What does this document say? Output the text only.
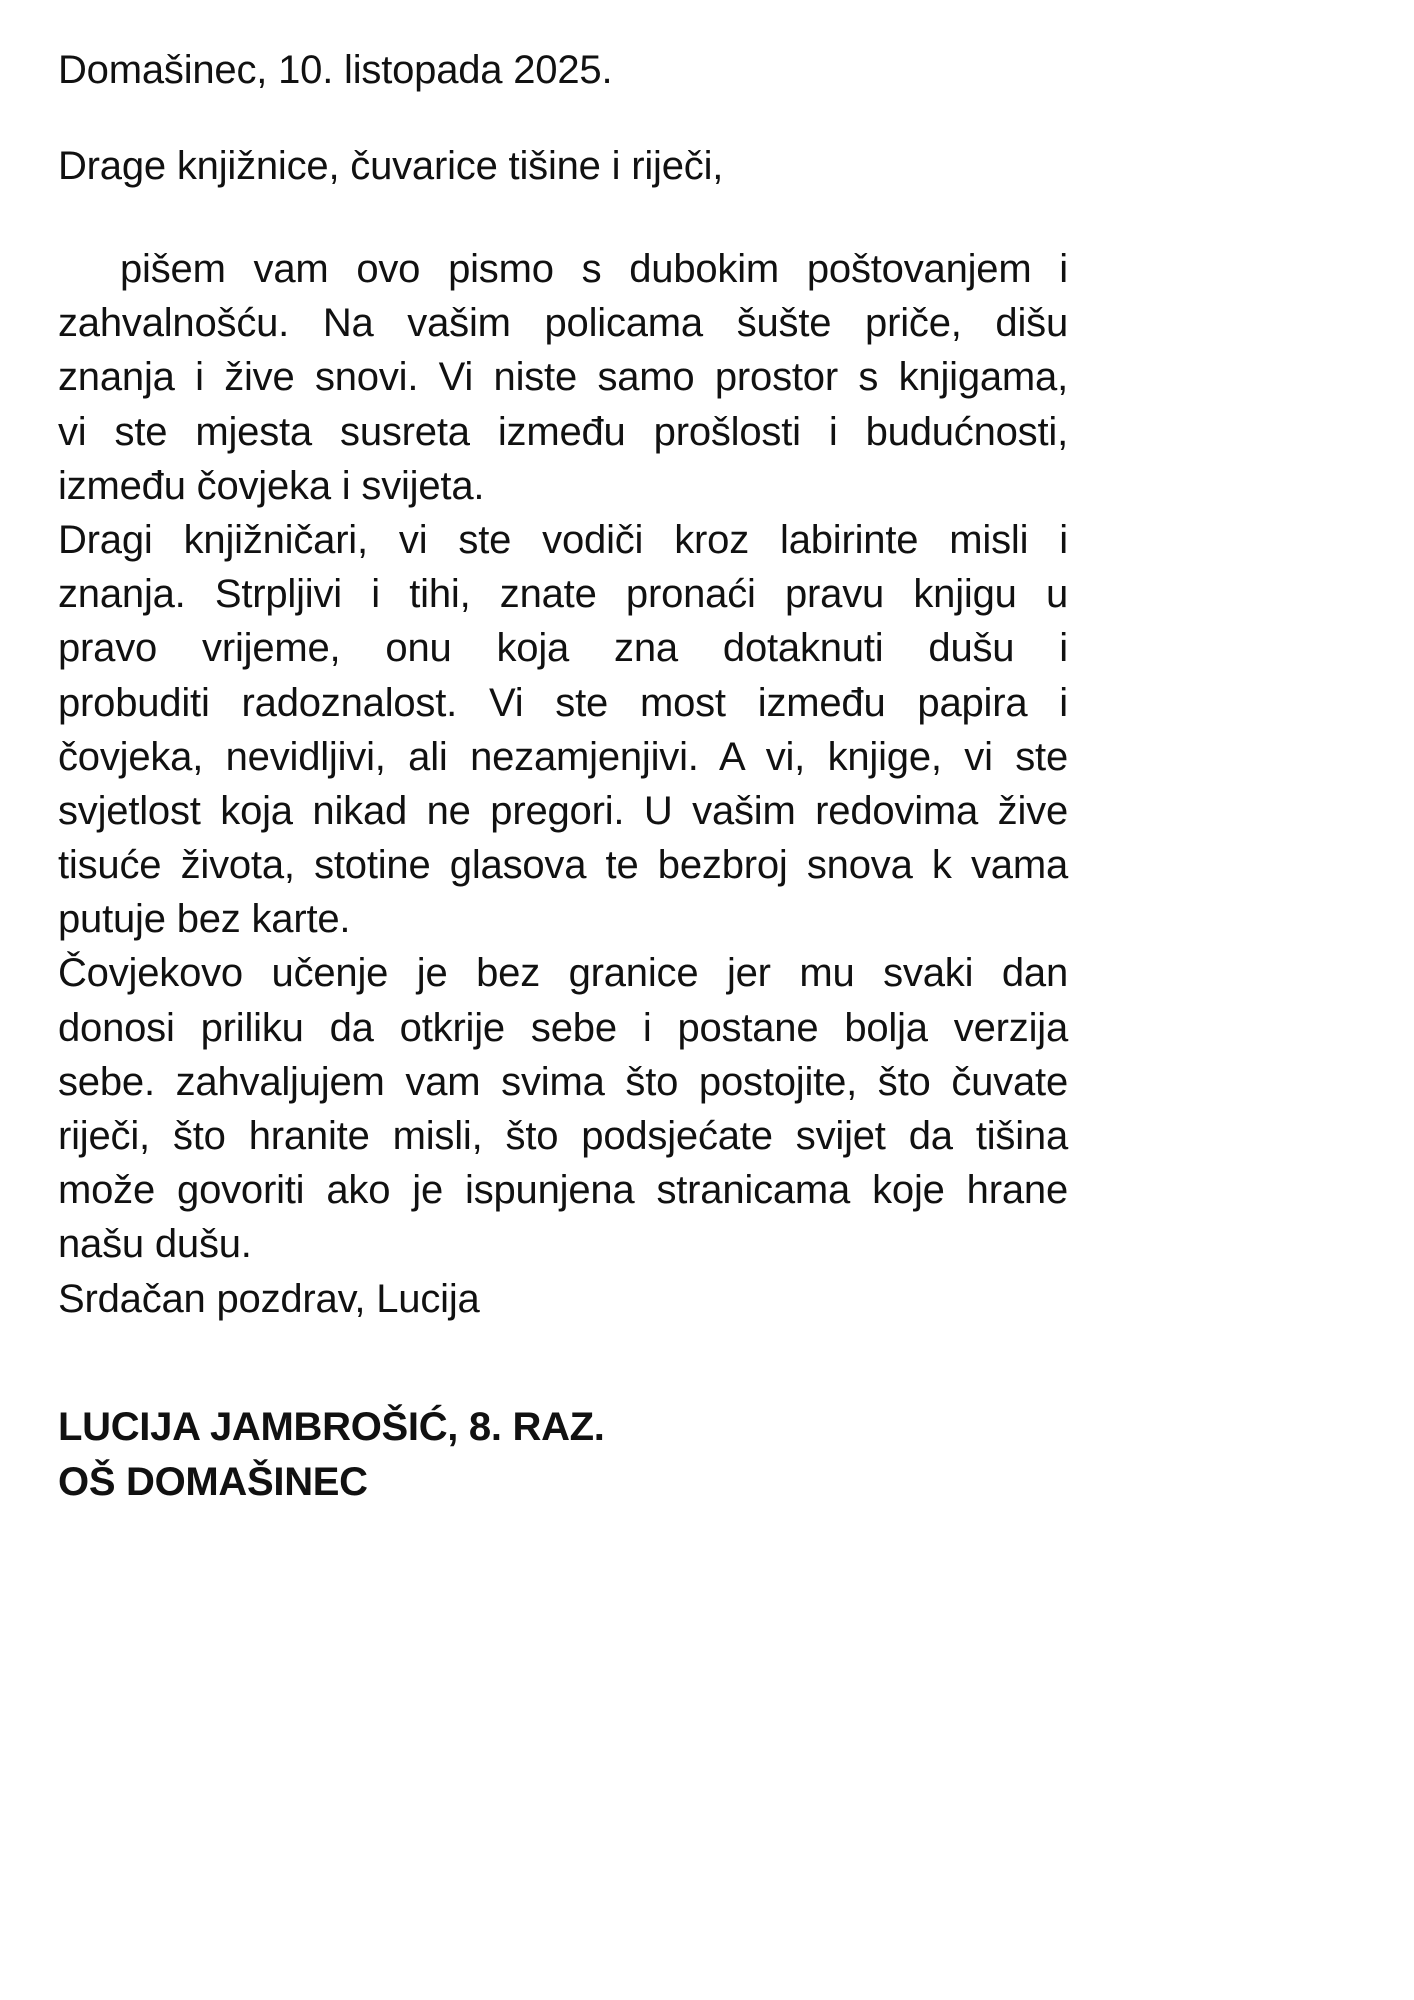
Domašinec, 10. listopada 2025.
Drage knjižnice, čuvarice tišine i riječi,
pišem vam ovo pismo s dubokim poštovanjem i
zahvalnošću. Na vašim policama šušte priče, dišu
znanja i žive snovi. Vi niste samo prostor s knjigama,
vi ste mjesta susreta između prošlosti i budućnosti,
između čovjeka i svijeta.
Dragi knjižničari, vi ste vodiči kroz labirinte misli i
znanja. Strpljivi i tihi, znate pronaći pravu knjigu u
pravo vrijeme, onu koja zna dotaknuti dušu i
probuditi radoznalost. Vi ste most između papira i
čovjeka, nevidljivi, ali nezamjenjivi. A vi, knjige, vi ste
svjetlost koja nikad ne pregori. U vašim redovima žive
tisuće života, stotine glasova te bezbroj snova k vama
putuje bez karte.
Čovjekovo učenje je bez granice jer mu svaki dan
donosi priliku da otkrije sebe i postane bolja verzija
sebe. zahvaljujem vam svima što postojite, što čuvate
riječi, što hranite misli, što podsjećate svijet da tišina
može govoriti ako je ispunjena stranicama koje hrane
našu dušu.
Srdačan pozdrav, Lucija
LUCIJA JAMBROŠIĆ, 8. RAZ.
OŠ DOMAŠINEC
